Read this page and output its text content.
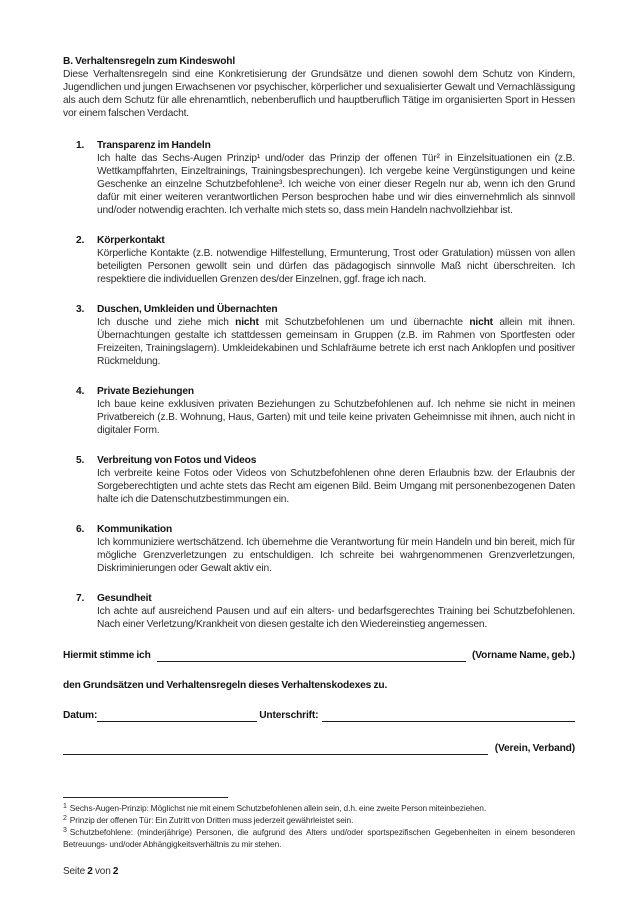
B. Verhaltensregeln zum Kindeswohl

Diese Verhaltensregeln sind eine Konkretisierung der Grundsätze und dienen sowohl dem Schutz von Kindern, Jugendlichen und jungen Erwachsenen vor psychischer, körperlicher und sexualisierter Gewalt und Vernachlässigung als auch dem Schutz für alle ehrenamtlich, nebenberuflich und hauptberuflich Tätige im organisierten Sport in Hessen vor einem falschen Verdacht.

1. Transparenz im Handeln

Ich halte das Sechs-Augen Prinzip¹ und/oder das Prinzip der offenen Tür² in Einzelsituationen ein (z.B. Wettkampffahrten, Einzeltrainings, Trainingsbesprechungen). Ich vergebe keine Vergünstigungen und keine Geschenke an einzelne Schutzbefohlene³. Ich weiche von einer dieser Regeln nur ab, wenn ich den Grund dafür mit einer weiteren verantwortlichen Person besprochen habe und wir dies einvernehmlich als sinnvoll und/oder notwendig erachten. Ich verhalte mich stets so, dass mein Handeln nachvollziehbar ist.

2. Körperkontakt

Körperliche Kontakte (z.B. notwendige Hilfestellung, Ermunterung, Trost oder Gratulation) müssen von allen beteiligten Personen gewollt sein und dürfen das pädagogisch sinnvolle Maß nicht überschreiten. Ich respektiere die individuellen Grenzen des/der Einzelnen, ggf. frage ich nach.

3. Duschen, Umkleiden und Übernachten

Ich dusche und ziehe mich nicht mit Schutzbefohlenen um und übernachte nicht allein mit ihnen. Übernachtungen gestalte ich stattdessen gemeinsam in Gruppen (z.B. im Rahmen von Sportfesten oder Freizeiten, Trainingslagern). Umkleidekabinen und Schlafräume betrete ich erst nach Anklopfen und positiver Rückmeldung.

4. Private Beziehungen

Ich baue keine exklusiven privaten Beziehungen zu Schutzbefohlenen auf. Ich nehme sie nicht in meinen Privatbereich (z.B. Wohnung, Haus, Garten) mit und teile keine privaten Geheimnisse mit ihnen, auch nicht in digitaler Form.

5. Verbreitung von Fotos und Videos

Ich verbreite keine Fotos oder Videos von Schutzbefohlenen ohne deren Erlaubnis bzw. der Erlaubnis der Sorgeberechtigten und achte stets das Recht am eigenen Bild. Beim Umgang mit personenbezogenen Daten halte ich die Datenschutzbestimmungen ein.

6. Kommunikation

Ich kommuniziere wertschätzend. Ich übernehme die Verantwortung für mein Handeln und bin bereit, mich für mögliche Grenzverletzungen zu entschuldigen. Ich schreite bei wahrgenommenen Grenzverletzungen, Diskriminierungen oder Gewalt aktiv ein.

7. Gesundheit

Ich achte auf ausreichend Pausen und auf ein alters- und bedarfsgerechtes Training bei Schutzbefohlenen. Nach einer Verletzung/Krankheit von diesen gestalte ich den Wiedereinstieg angemessen.

Hiermit stimme ich	(Vorname Name, geb.)
den Grundsätzen und Verhaltensregeln dieses Verhaltenskodexes zu.
Datum:	Unterschrift:
(Verein, Verband)

$^1$ Sechs-Augen-Prinzip: Möglichst nie mit einem Schutzbefohlenen allein sein, d.h. eine zweite Person miteinbeziehen.

$^2$ Prinzip der offenen Tür: Ein Zutritt von Dritten muss jederzeit gewährleistet sein.

$^3$ Schutzbefohlene: (minderjährige) Personen, die aufgrund des Alters und/oder sportspezifischen Gegebenheiten in einem besonderen Betreuungs- und/oder Abhängigkeitsverhältnis zu mir stehen.

Seite 2 von 2
